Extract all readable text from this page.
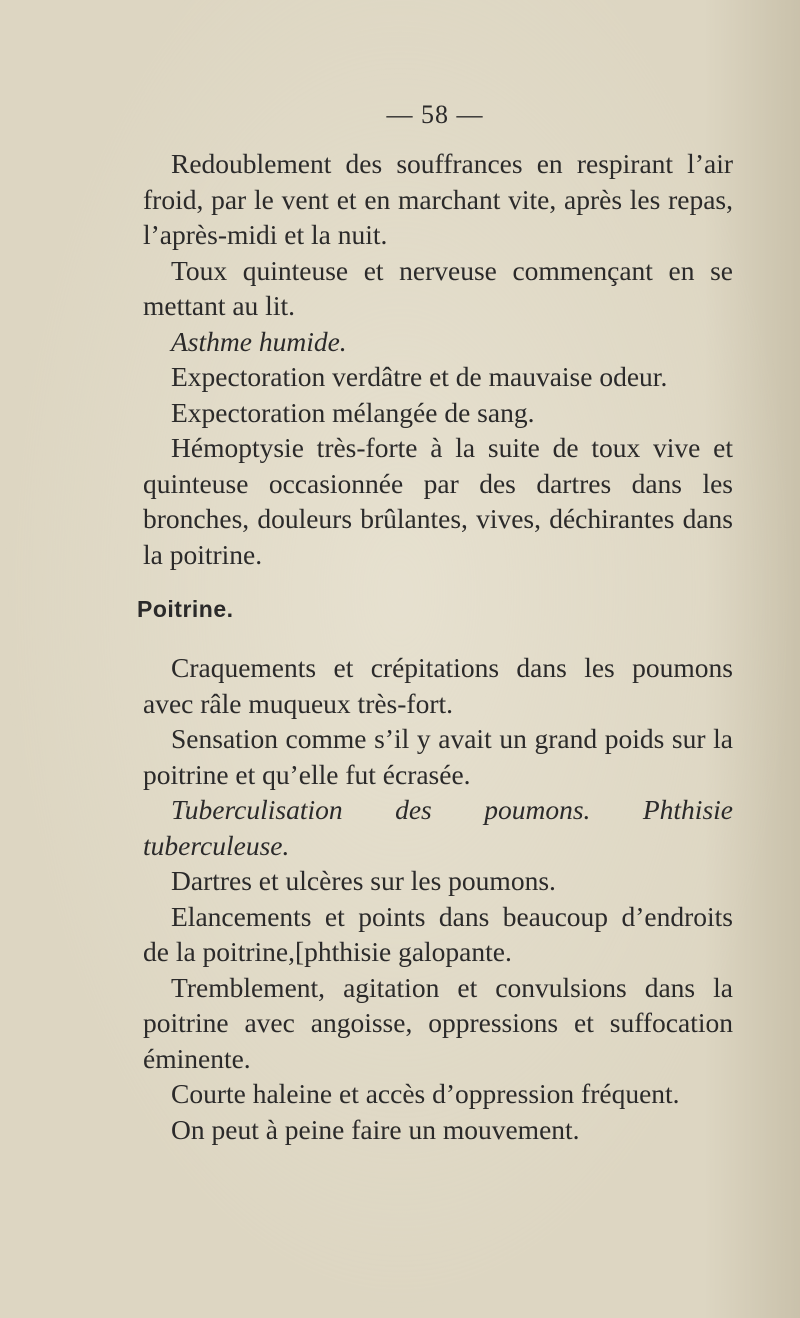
— 58 —

Redoublement des souffrances en respirant l’air froid, par le vent et en marchant vite, après les repas, l’après-midi et la nuit.

Toux quinteuse et nerveuse commençant en se mettant au lit.

Asthme humide.

Expectoration verdâtre et de mauvaise odeur.

Expectoration mélangée de sang.

Hémoptysie très-forte à la suite de toux vive et quinteuse occasionnée par des dartres dans les bronches, douleurs brûlantes, vives, déchirantes dans la poitrine.

Poitrine.

Craquements et crépitations dans les poumons avec râle muqueux très-fort.

Sensation comme s’il y avait un grand poids sur la poitrine et qu’elle fut écrasée.

Tuberculisation des poumons. Phthisie tuberculeuse.

Dartres et ulcères sur les poumons.

Elancements et points dans beaucoup d’endroits de la poitrine,[phthisie galopante.

Tremblement, agitation et convulsions dans la poitrine avec angoisse, oppressions et suffocation éminente.

Courte haleine et accès d’oppression fréquent.

On peut à peine faire un mouvement.
